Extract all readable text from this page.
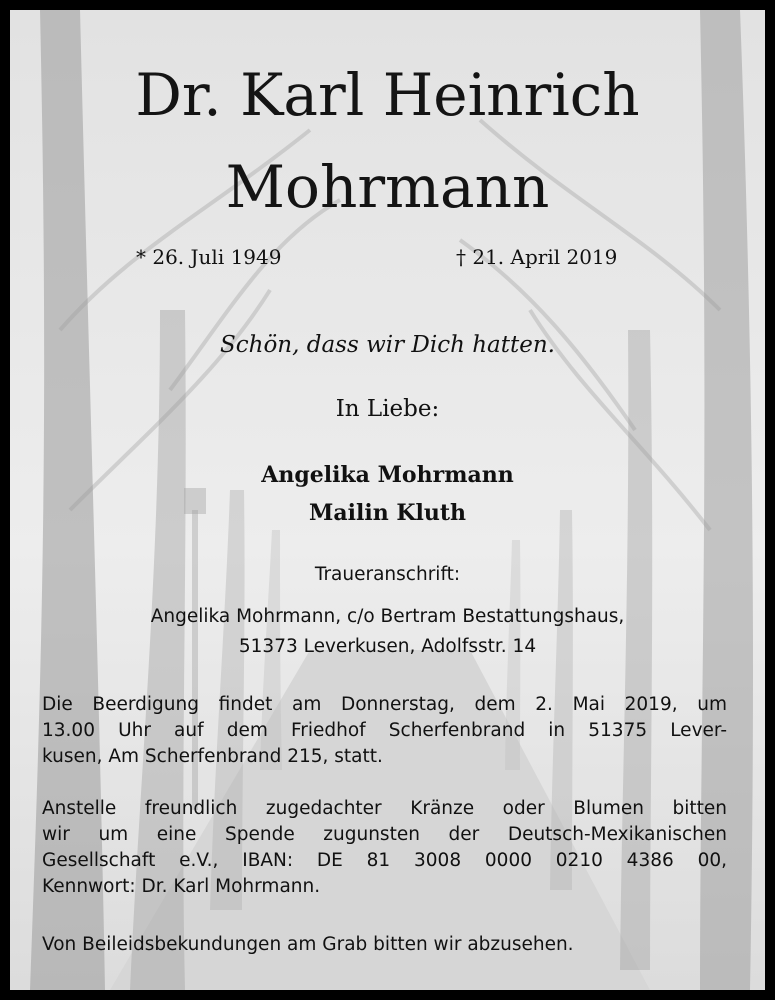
Dr. Karl Heinrich
Mohrmann
* 26. Juli 1949	† 21. April 2019
Schön, dass wir Dich hatten.
In Liebe:
Angelika Mohrmann
Mailin Kluth
Traueranschrift:
Angelika Mohrmann, c/o Bertram Bestattungshaus,
51373 Leverkusen, Adolfsstr. 14
Die Beerdigung findet am Donnerstag, dem 2. Mai 2019, um
13.00 Uhr auf dem Friedhof Scherfenbrand in 51375 Lever-
kusen, Am Scherfenbrand 215, statt.
Anstelle freundlich zugedachter Kränze oder Blumen bitten
wir um eine Spende zugunsten der Deutsch-Mexikanischen
Gesellschaft e.V., IBAN: DE 81 3008 0000 0210 4386 00,
Kennwort: Dr. Karl Mohrmann.
Von Beileidsbekundungen am Grab bitten wir abzusehen.
